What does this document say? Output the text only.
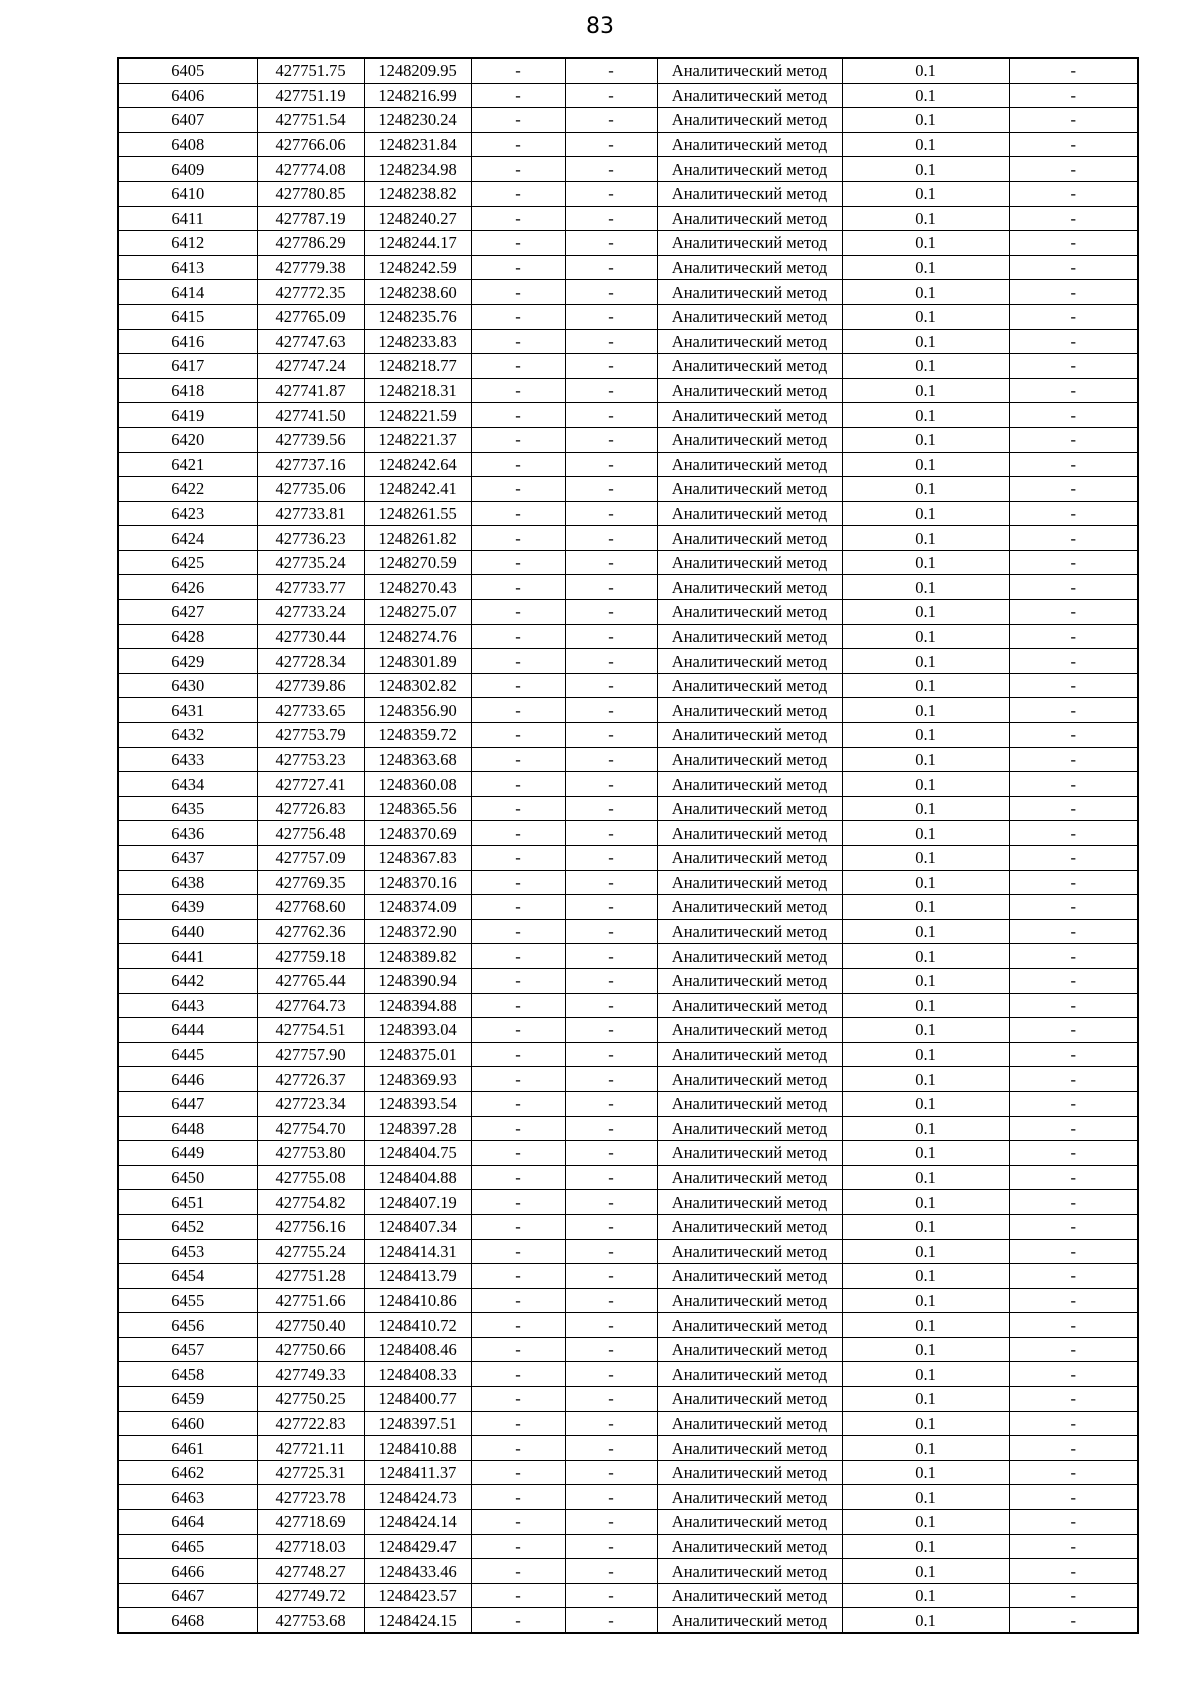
83
6405	427751.75	1248209.95	-	-	Аналитический метод	0.1	-
6406	427751.19	1248216.99	-	-	Аналитический метод	0.1	-
6407	427751.54	1248230.24	-	-	Аналитический метод	0.1	-
6408	427766.06	1248231.84	-	-	Аналитический метод	0.1	-
6409	427774.08	1248234.98	-	-	Аналитический метод	0.1	-
6410	427780.85	1248238.82	-	-	Аналитический метод	0.1	-
6411	427787.19	1248240.27	-	-	Аналитический метод	0.1	-
6412	427786.29	1248244.17	-	-	Аналитический метод	0.1	-
6413	427779.38	1248242.59	-	-	Аналитический метод	0.1	-
6414	427772.35	1248238.60	-	-	Аналитический метод	0.1	-
6415	427765.09	1248235.76	-	-	Аналитический метод	0.1	-
6416	427747.63	1248233.83	-	-	Аналитический метод	0.1	-
6417	427747.24	1248218.77	-	-	Аналитический метод	0.1	-
6418	427741.87	1248218.31	-	-	Аналитический метод	0.1	-
6419	427741.50	1248221.59	-	-	Аналитический метод	0.1	-
6420	427739.56	1248221.37	-	-	Аналитический метод	0.1	-
6421	427737.16	1248242.64	-	-	Аналитический метод	0.1	-
6422	427735.06	1248242.41	-	-	Аналитический метод	0.1	-
6423	427733.81	1248261.55	-	-	Аналитический метод	0.1	-
6424	427736.23	1248261.82	-	-	Аналитический метод	0.1	-
6425	427735.24	1248270.59	-	-	Аналитический метод	0.1	-
6426	427733.77	1248270.43	-	-	Аналитический метод	0.1	-
6427	427733.24	1248275.07	-	-	Аналитический метод	0.1	-
6428	427730.44	1248274.76	-	-	Аналитический метод	0.1	-
6429	427728.34	1248301.89	-	-	Аналитический метод	0.1	-
6430	427739.86	1248302.82	-	-	Аналитический метод	0.1	-
6431	427733.65	1248356.90	-	-	Аналитический метод	0.1	-
6432	427753.79	1248359.72	-	-	Аналитический метод	0.1	-
6433	427753.23	1248363.68	-	-	Аналитический метод	0.1	-
6434	427727.41	1248360.08	-	-	Аналитический метод	0.1	-
6435	427726.83	1248365.56	-	-	Аналитический метод	0.1	-
6436	427756.48	1248370.69	-	-	Аналитический метод	0.1	-
6437	427757.09	1248367.83	-	-	Аналитический метод	0.1	-
6438	427769.35	1248370.16	-	-	Аналитический метод	0.1	-
6439	427768.60	1248374.09	-	-	Аналитический метод	0.1	-
6440	427762.36	1248372.90	-	-	Аналитический метод	0.1	-
6441	427759.18	1248389.82	-	-	Аналитический метод	0.1	-
6442	427765.44	1248390.94	-	-	Аналитический метод	0.1	-
6443	427764.73	1248394.88	-	-	Аналитический метод	0.1	-
6444	427754.51	1248393.04	-	-	Аналитический метод	0.1	-
6445	427757.90	1248375.01	-	-	Аналитический метод	0.1	-
6446	427726.37	1248369.93	-	-	Аналитический метод	0.1	-
6447	427723.34	1248393.54	-	-	Аналитический метод	0.1	-
6448	427754.70	1248397.28	-	-	Аналитический метод	0.1	-
6449	427753.80	1248404.75	-	-	Аналитический метод	0.1	-
6450	427755.08	1248404.88	-	-	Аналитический метод	0.1	-
6451	427754.82	1248407.19	-	-	Аналитический метод	0.1	-
6452	427756.16	1248407.34	-	-	Аналитический метод	0.1	-
6453	427755.24	1248414.31	-	-	Аналитический метод	0.1	-
6454	427751.28	1248413.79	-	-	Аналитический метод	0.1	-
6455	427751.66	1248410.86	-	-	Аналитический метод	0.1	-
6456	427750.40	1248410.72	-	-	Аналитический метод	0.1	-
6457	427750.66	1248408.46	-	-	Аналитический метод	0.1	-
6458	427749.33	1248408.33	-	-	Аналитический метод	0.1	-
6459	427750.25	1248400.77	-	-	Аналитический метод	0.1	-
6460	427722.83	1248397.51	-	-	Аналитический метод	0.1	-
6461	427721.11	1248410.88	-	-	Аналитический метод	0.1	-
6462	427725.31	1248411.37	-	-	Аналитический метод	0.1	-
6463	427723.78	1248424.73	-	-	Аналитический метод	0.1	-
6464	427718.69	1248424.14	-	-	Аналитический метод	0.1	-
6465	427718.03	1248429.47	-	-	Аналитический метод	0.1	-
6466	427748.27	1248433.46	-	-	Аналитический метод	0.1	-
6467	427749.72	1248423.57	-	-	Аналитический метод	0.1	-
6468	427753.68	1248424.15	-	-	Аналитический метод	0.1	-
